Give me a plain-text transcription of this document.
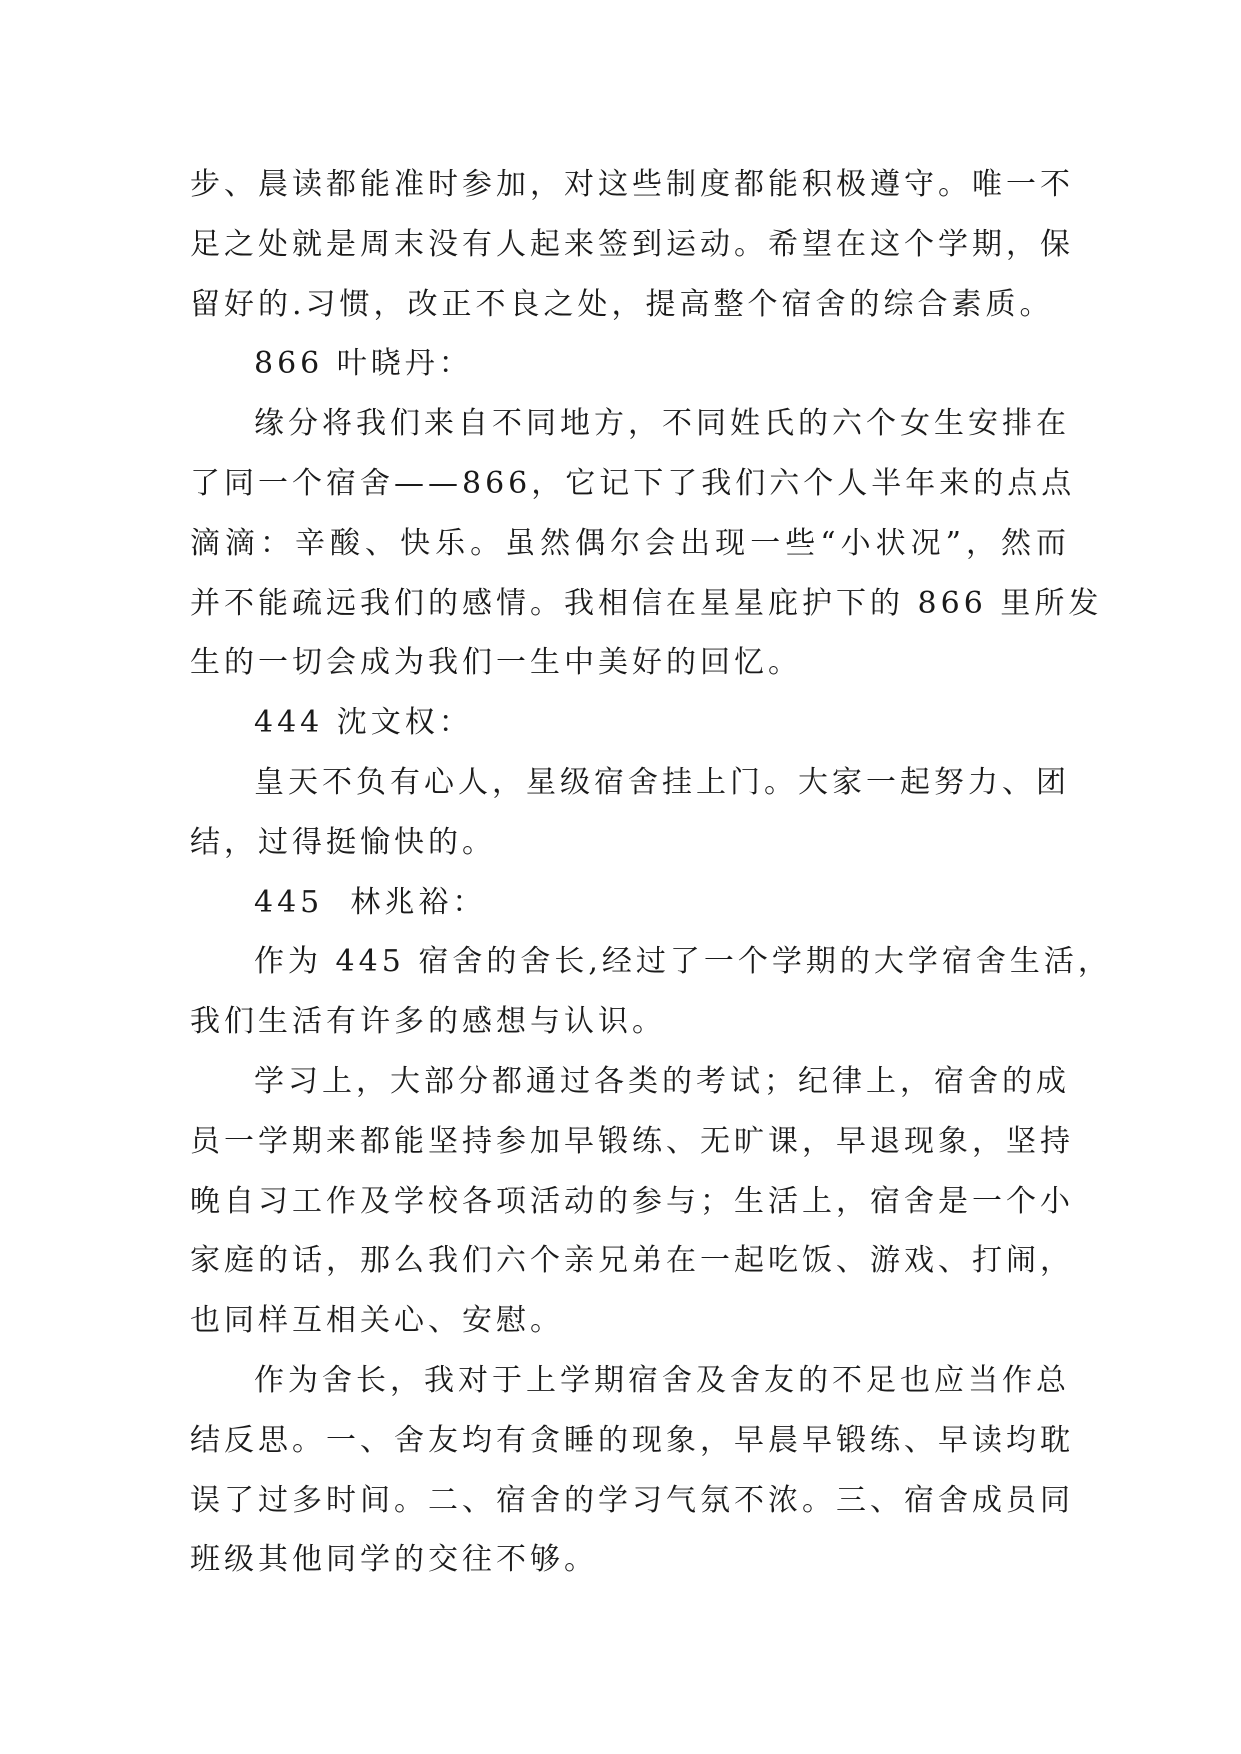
步、晨读都能准时参加，对这些制度都能积极遵守。唯一不
足之处就是周末没有人起来签到运动。希望在这个学期，保
留好的.习惯，改正不良之处，提高整个宿舍的综合素质。
866 叶晓丹：
缘分将我们来自不同地方，不同姓氏的六个女生安排在
了同一个宿舍——866，它记下了我们六个人半年来的点点
滴滴：辛酸、快乐。虽然偶尔会出现一些“小状况”，然而
并不能疏远我们的感情。我相信在星星庇护下的 866 里所发
生的一切会成为我们一生中美好的回忆。
444 沈文权：
皇天不负有心人，星级宿舍挂上门。大家一起努力、团
结，过得挺愉快的。
445  林兆裕：
作为 445 宿舍的舍长,经过了一个学期的大学宿舍生活，
我们生活有许多的感想与认识。
学习上，大部分都通过各类的考试；纪律上，宿舍的成
员一学期来都能坚持参加早锻练、无旷课，早退现象，坚持
晚自习工作及学校各项活动的参与；生活上，宿舍是一个小
家庭的话，那么我们六个亲兄弟在一起吃饭、游戏、打闹，
也同样互相关心、安慰。
作为舍长，我对于上学期宿舍及舍友的不足也应当作总
结反思。一、舍友均有贪睡的现象，早晨早锻练、早读均耽
误了过多时间。二、宿舍的学习气氛不浓。三、宿舍成员同
班级其他同学的交往不够。
